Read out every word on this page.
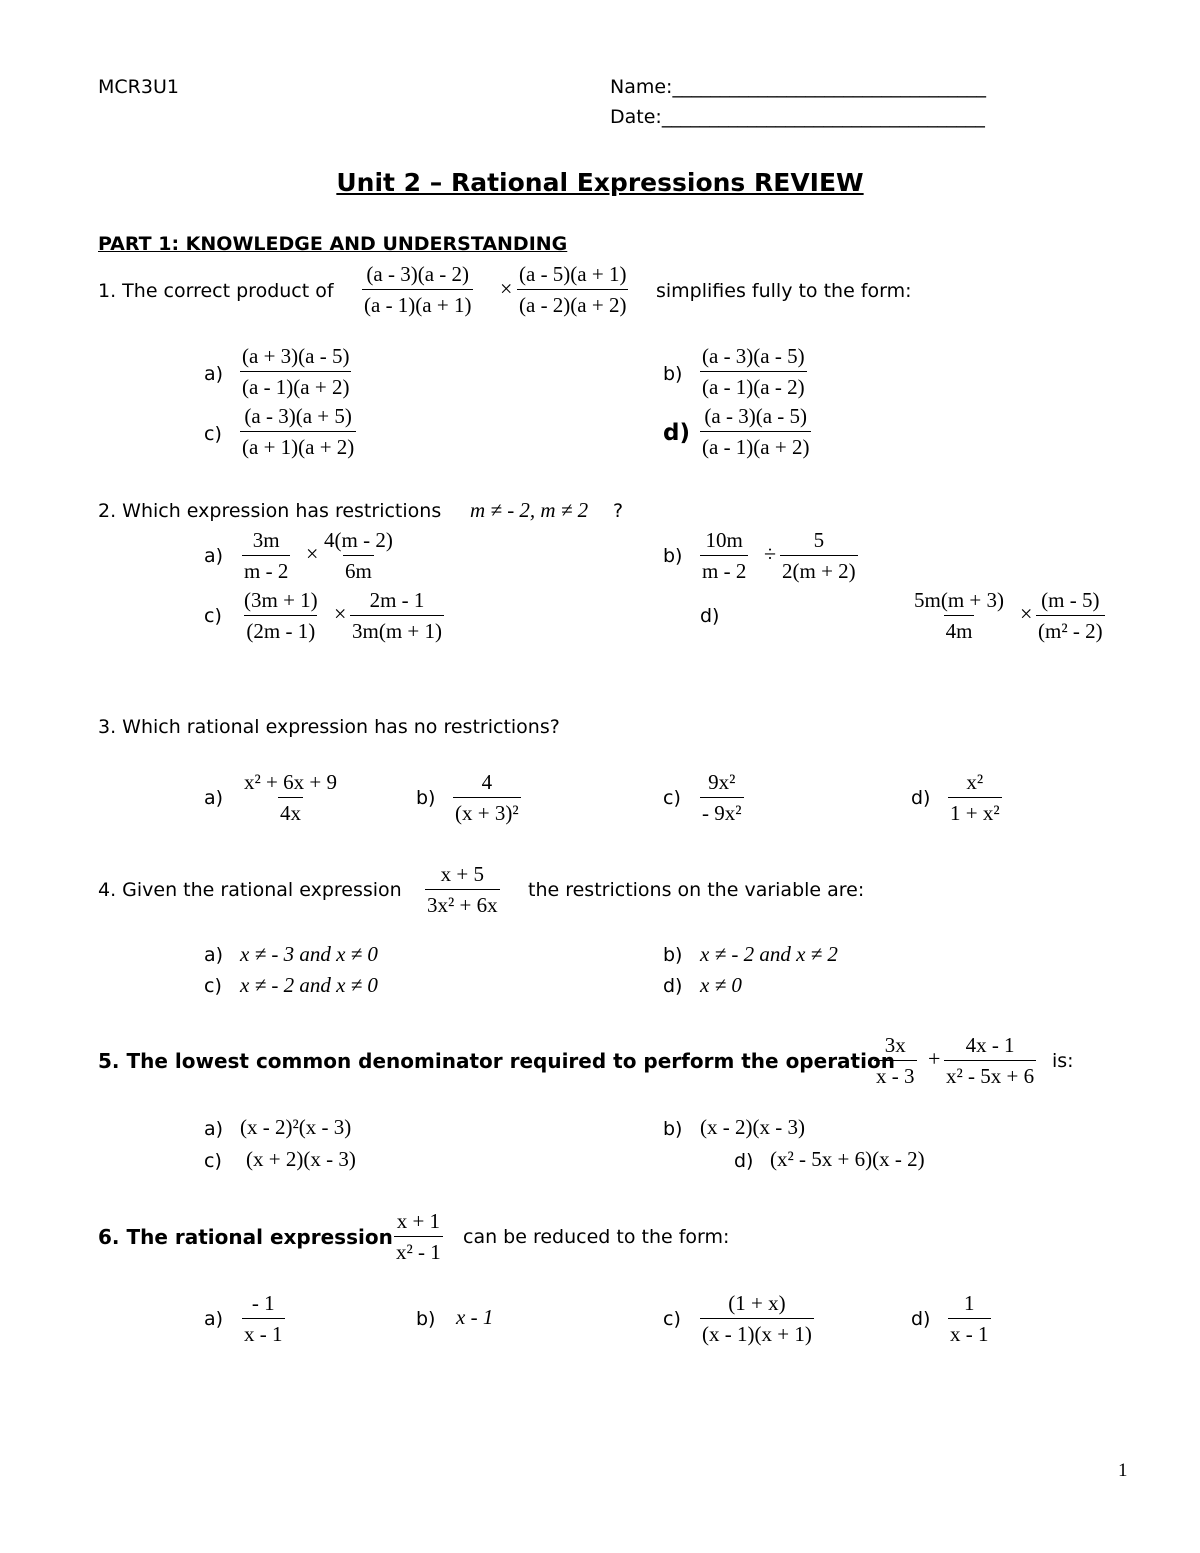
MCR3U1	Name:_________________________________
Date:__________________________________
Unit 2 – Rational Expressions REVIEW
PART 1: KNOWLEDGE AND UNDERSTANDING
1. The correct product of $\frac{(a - 3)(a - 2)}{(a - 1)(a + 1)} \times \frac{(a - 5)(a + 1)}{(a - 2)(a + 2)}$ simplifies fully to the form:
$a) \frac{(a + 3)(a - 5)}{(a - 1)(a + 2)}$	$b) \frac{(a - 3)(a - 5)}{(a - 1)(a - 2)}$
$c) \frac{(a - 3)(a + 5)}{(a + 1)(a + 2)}$	$d) \frac{(a - 3)(a - 5)}{(a - 1)(a + 2)}$
2. Which expression has restrictions m ≠ - 2, m ≠ 2 ?
$a) \frac{3m}{m - 2} \times \frac{4(m - 2)}{6m}$	$b) \frac{10m}{m - 2} \div \frac{5}{2(m + 2)}$
$c) \frac{(3m + 1)}{(2m - 1)} \times \frac{2m - 1}{3m(m + 1)}$	d)	$\frac{5m(m + 3)}{4m} \times \frac{(m - 5)}{\text{(m² - 2)}}$
3. Which rational expression has no restrictions?
$a) \frac{\text{x² + 6x + 9}}{4x}$	$b) \frac{4}{\text{(x + 3)²}}$	$c) \frac{\text{9x²}}{\text{- 9x²}}$	$d) \frac{\text{x²}}{\text{1 + x²}}$
4. Given the rational expression $\frac{x + 5}{\text{3x² + 6x}}$ the restrictions on the variable are:
a) x ≠ - 3 and x ≠ 0	b) x ≠ - 2 and x ≠ 2
c) x ≠ - 2 and x ≠ 0	d) x ≠ 0
5. The lowest common denominator required to perform the operation
$\frac{3x}{x - 3} + \frac{4x - 1}{\text{x² - 5x + 6}}$ is:
a) (x - 2)²(x - 3)	b) (x - 2)(x - 3)
c) (x + 2)(x - 3)	d) (x² - 5x + 6)(x - 2)
6. The rational expression $\frac{x + 1}{\text{x² - 1}}$ can be reduced to the form:
$a) \frac{- 1}{x - 1}$	b) x - 1	$c) \frac{(1 + x)}{(x - 1)(x + 1)}$	$d) \frac{1}{x - 1}$
1
